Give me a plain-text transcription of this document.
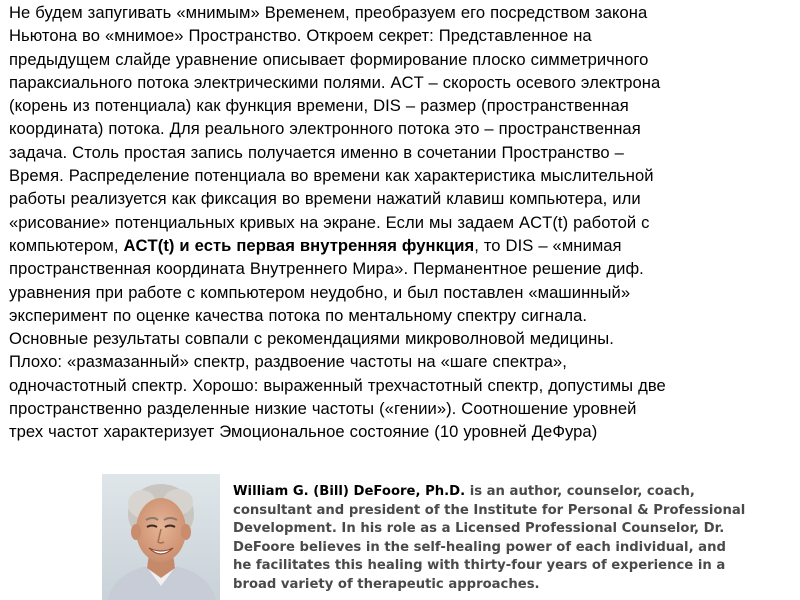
Не будем запугивать «мнимым» Временем, преобразуем его посредством закона

Ньютона во «мнимое» Пространство. Откроем секрет: Представленное на

предыдущем слайде уравнение описывает формирование плоско симметричного

параксиального потока электрическими полями. ACT – скорость осевого электрона

(корень из потенциала) как функция времени, DIS – размер (пространственная

координата) потока. Для реального электронного потока это – пространственная

задача. Столь простая запись получается именно в сочетании Пространство –

Время. Распределение потенциала во времени как характеристика мыслительной

работы реализуется как фиксация во времени нажатий клавиш компьютера, или

«рисование» потенциальных кривых на экране. Если мы задаем ACT(t) работой с

компьютером, ACT(t) и есть первая внутренняя функция, то DIS – «мнимая

пространственная координата Внутреннего Мира». Перманентное решение диф.

уравнения при работе с компьютером неудобно, и был поставлен «машинный»

эксперимент по оценке качества потока по ментальному спектру сигнала.

Основные результаты совпали с рекомендациями микроволновой медицины.

Плохо: «размазанный» спектр, раздвоение частоты на «шаге спектра»,

одночастотный спектр. Хорошо: выраженный трехчастотный спектр, допустимы две

пространственно разделенные низкие частоты («гении»). Соотношение уровней

трех частот характеризует Эмоциональное состояние (10 уровней ДеФура)

William G. (Bill) DeFoore, Ph.D. is an author, counselor, coach,

consultant and president of the Institute for Personal & Professional

Development. In his role as a Licensed Professional Counselor, Dr.

DeFoore believes in the self-healing power of each individual, and

he facilitates this healing with thirty-four years of experience in a

broad variety of therapeutic approaches.
